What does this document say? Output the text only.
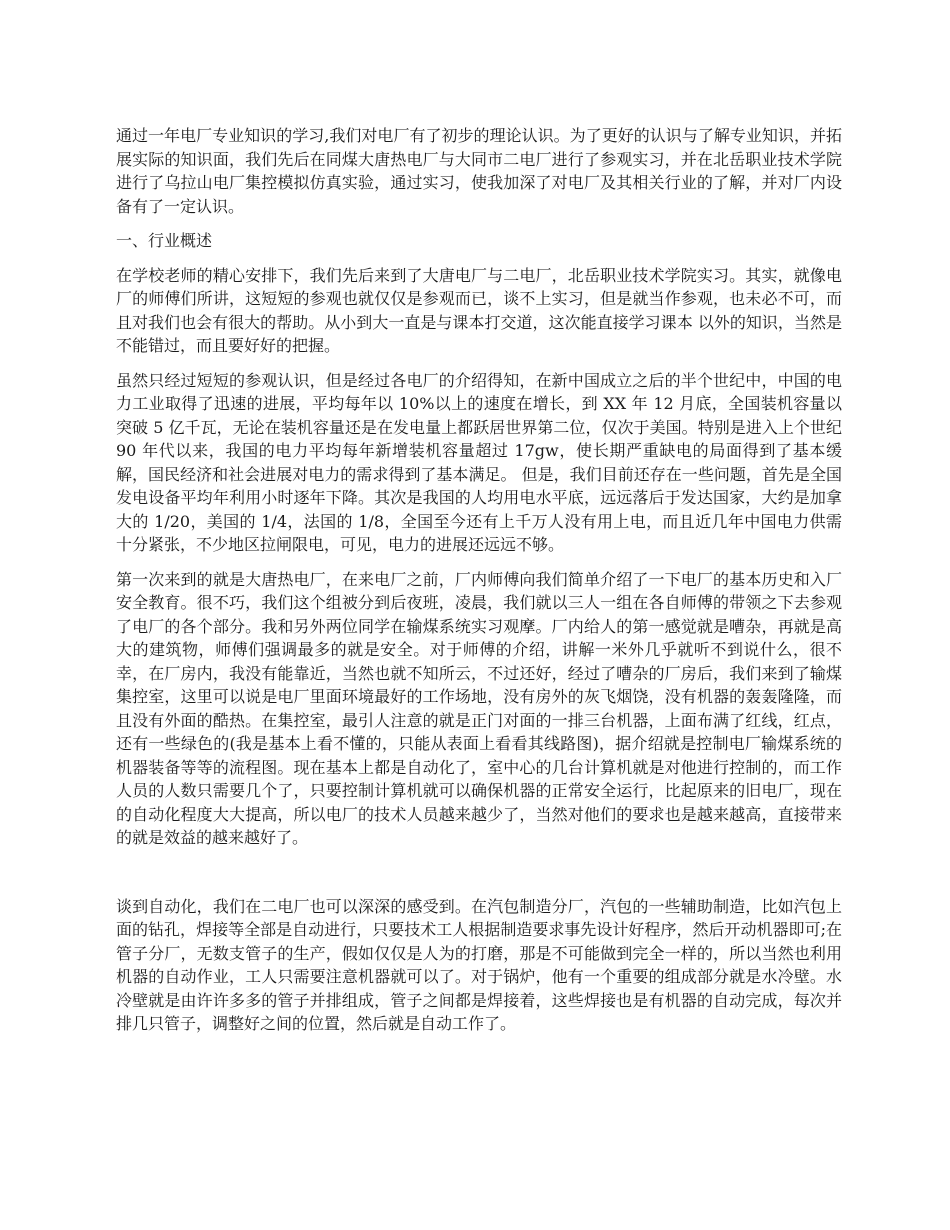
通过一年电厂专业知识的学习,我们对电厂有了初步的理论认识。为了更好的认识与了解专业知识，并拓展实际的知识面，我们先后在同煤大唐热电厂与大同市二电厂进行了参观实习，并在北岳职业技术学院进行了乌拉山电厂集控模拟仿真实验，通过实习，使我加深了对电厂及其相关行业的了解，并对厂内设备有了一定认识。

一、行业概述

在学校老师的精心安排下，我们先后来到了大唐电厂与二电厂，北岳职业技术学院实习。其实，就像电厂的师傅们所讲，这短短的参观也就仅仅是参观而已，谈不上实习，但是就当作参观，也未必不可，而且对我们也会有很大的帮助。从小到大一直是与课本打交道，这次能直接学习课本 以外的知识，当然是不能错过，而且要好好的把握。

虽然只经过短短的参观认识，但是经过各电厂的介绍得知，在新中国成立之后的半个世纪中，中国的电力工业取得了迅速的进展，平均每年以 10%以上的速度在增长，到 XX 年 12 月底，全国装机容量以突破 5 亿千瓦，无论在装机容量还是在发电量上都跃居世界第二位，仅次于美国。特别是进入上个世纪 90 年代以来，我国的电力平均每年新增装机容量超过 17gw，使长期严重缺电的局面得到了基本缓解，国民经济和社会进展对电力的需求得到了基本满足。 但是，我们目前还存在一些问题，首先是全国发电设备平均年利用小时逐年下降。其次是我国的人均用电水平底，远远落后于发达国家，大约是加拿大的 1/20，美国的 1/4，法国的 1/8，全国至今还有上千万人没有用上电，而且近几年中国电力供需十分紧张，不少地区拉闸限电，可见，电力的进展还远远不够。

第一次来到的就是大唐热电厂，在来电厂之前，厂内师傅向我们简单介绍了一下电厂的基本历史和入厂安全教育。很不巧，我们这个组被分到后夜班，凌晨，我们就以三人一组在各自师傅的带领之下去参观了电厂的各个部分。我和另外两位同学在输煤系统实习观摩。厂内给人的第一感觉就是嘈杂，再就是高大的建筑物，师傅们强调最多的就是安全。对于师傅的介绍，讲解一米外几乎就听不到说什么，很不幸，在厂房内，我没有能靠近，当然也就不知所云，不过还好，经过了嘈杂的厂房后，我们来到了输煤集控室，这里可以说是电厂里面环境最好的工作场地，没有房外的灰飞烟饶，没有机器的轰轰隆隆，而且没有外面的酷热。在集控室，最引人注意的就是正门对面的一排三台机器，上面布满了红线，红点，还有一些绿色的(我是基本上看不懂的，只能从表面上看看其线路图)，据介绍就是控制电厂输煤系统的机器装备等等的流程图。现在基本上都是自动化了，室中心的几台计算机就是对他进行控制的，而工作人员的人数只需要几个了，只要控制计算机就可以确保机器的正常安全运行，比起原来的旧电厂，现在的自动化程度大大提高，所以电厂的技术人员越来越少了，当然对他们的要求也是越来越高，直接带来的就是效益的越来越好了。

谈到自动化，我们在二电厂也可以深深的感受到。在汽包制造分厂，汽包的一些辅助制造，比如汽包上面的钻孔，焊接等全部是自动进行，只要技术工人根据制造要求事先设计好程序，然后开动机器即可;在管子分厂，无数支管子的生产，假如仅仅是人为的打磨，那是不可能做到完全一样的，所以当然也利用机器的自动作业，工人只需要注意机器就可以了。对于锅炉，他有一个重要的组成部分就是水冷壁。水冷壁就是由许许多多的管子并排组成，管子之间都是焊接着，这些焊接也是有机器的自动完成，每次并排几只管子，调整好之间的位置，然后就是自动工作了。
